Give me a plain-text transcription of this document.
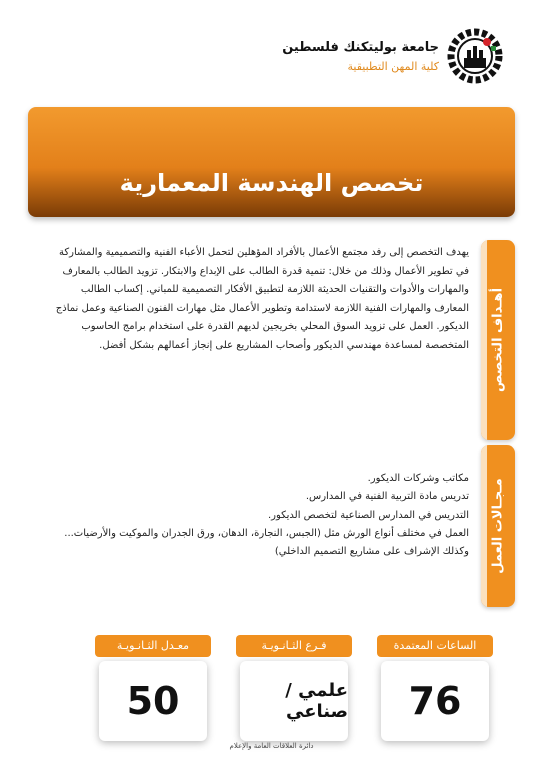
جامعة بوليتكنك فلسطين
كلية المهن التطبيقية
تخصص الهندسة المعمارية
أهـداف التخصص
مـجـالات العمل
يهدف التخصص إلى رفد مجتمع الأعمال بالأفراد المؤهلين لتحمل الأعباء الفنية والتصميمية والمشاركة
في تطوير الأعمال وذلك من خلال: تنمية قدرة الطالب على الإبداع والابتكار. تزويد الطالب بالمعارف
والمهارات والأدوات والتقنيات الحديثة اللازمة لتطبيق الأفكار التصميمية للمباني. إكساب الطالب
المعارف والمهارات الفنية اللازمة لاستدامة وتطوير الأعمال مثل مهارات الفنون الصناعية وعمل نماذج
الديكور. العمل على تزويد السوق المحلي بخريجين لديهم القدرة على استخدام برامج الحاسوب
المتخصصة لمساعدة مهندسي الديكور وأصحاب المشاريع على إنجاز أعمالهم بشكل أفضل.
مكاتب وشركات الديكور.
تدريس مادة التربية الفنية في المدارس.
التدريس في المدارس الصناعية لتخصص الديكور.
العمل في مختلف أنواع الورش مثل (الجبس، النجارة، الدهان، ورق الجدران والموكيت والأرضيات...
وكذلك الإشراف على مشاريع التصميم الداخلي)
الساعات المعتمدة
76
فـرع الثـانـويـة
علمي /صناعي
معـدل الثـانـويـة
50
دائرة العلاقات العامة والإعلام
